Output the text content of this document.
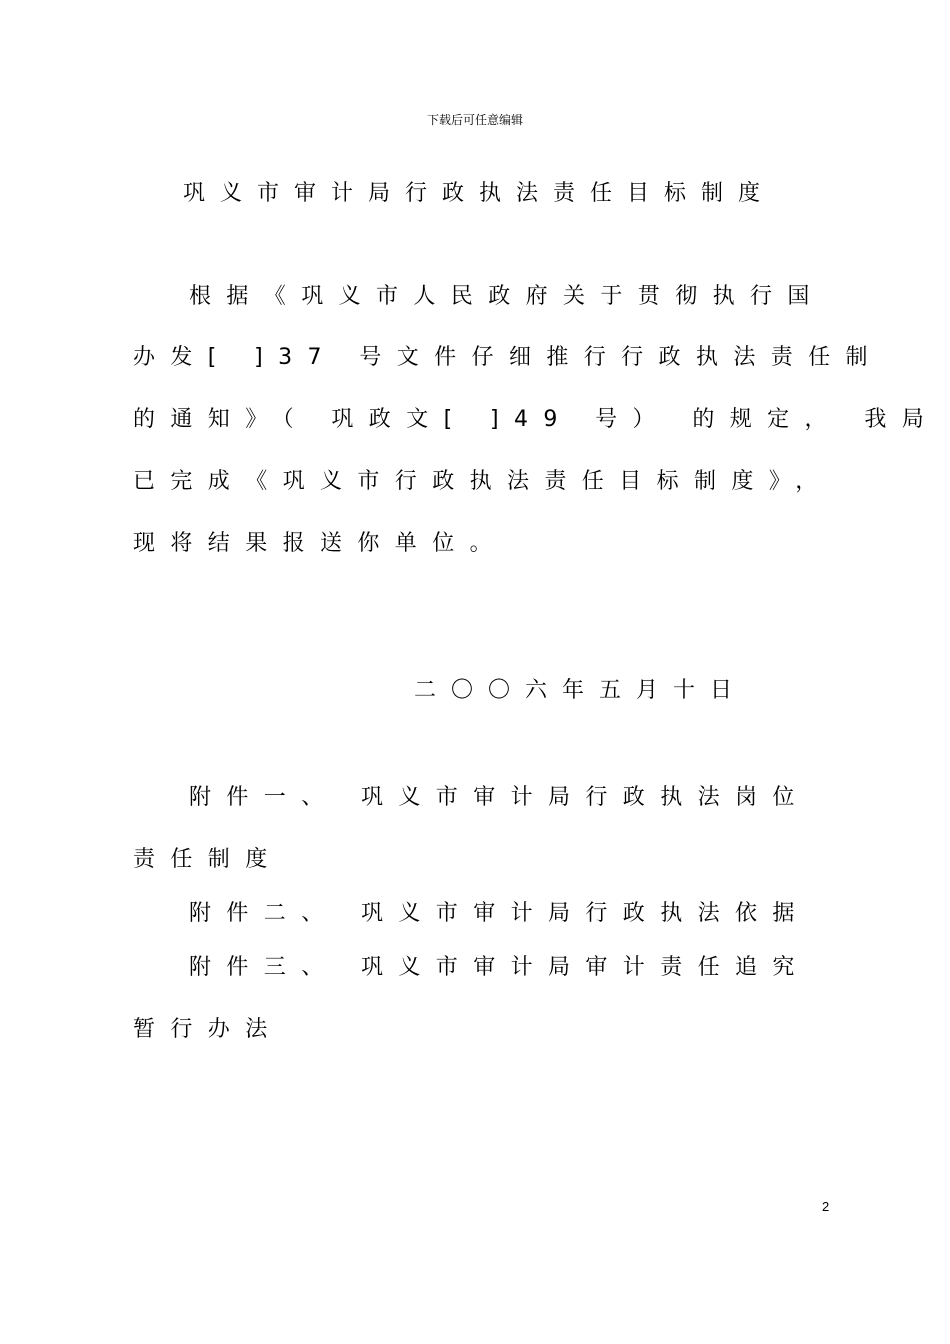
下载后可任意编辑
巩义市审计局行政执法责任目标制度
根据《巩义市人民政府关于贯彻执行国
办发[ ]37 号文件仔细推行行政执法责任制
的通知》（ 巩政文[ ]49 号） 的规定， 我局
已完成《巩义市行政执法责任目标制度》，
现将结果报送你单位。
二〇〇六年五月十日
附件一、 巩义市审计局行政执法岗位
责任制度
附件二、 巩义市审计局行政执法依据
附件三、 巩义市审计局审计责任追究
暂行办法
2
